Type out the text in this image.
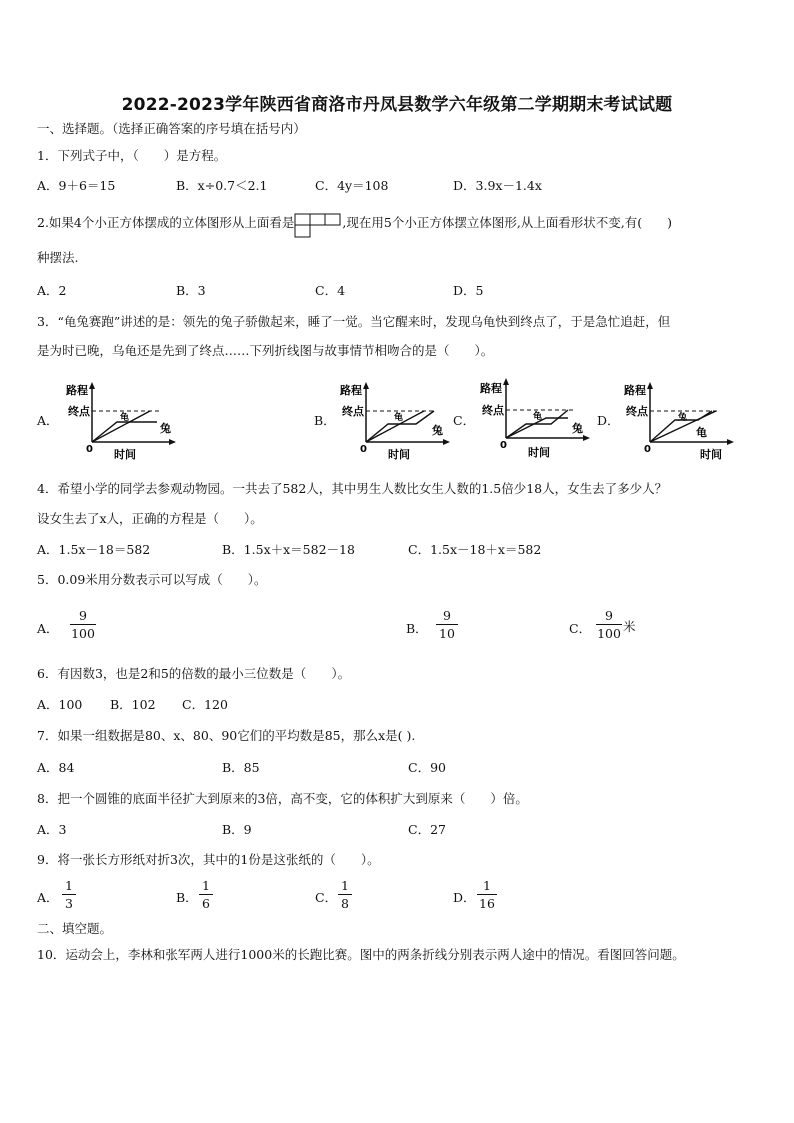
2022-2023学年陕西省商洛市丹凤县数学六年级第二学期期末考试试题
一、选择题。（选择正确答案的序号填在括号内）
1．下列式子中，（　　）是方程。
A．9＋6＝15	B．x÷0.7＜2.1	C．4y＝108	D．3.9x－1.4x
2.如果4个小正方体摆成的立体图形从上面看是	,现在用5个小正方体摆立体图形,从上面看形状不变,有(　　)
种摆法.
A．2	B．3	C．4	D．5
3．“龟兔赛跑”讲述的是：领先的兔子骄傲起来，睡了一觉。当它醒来时，发现乌龟快到终点了，于是急忙追赶，但
是为时已晚，乌龟还是先到了终点……下列折线图与故事情节相吻合的是（　　）。
A．	B．	C．	D．
路程
终点
0
龟
兔
时间
路程
终点
0
龟
兔
时间
路程
终点
0
龟
兔
时间
路程
终点
0
兔
龟
时间
4．希望小学的同学去参观动物园。一共去了582人，其中男生人数比女生人数的1.5倍少18人，女生去了多少人？
设女生去了x人，正确的方程是（　　）。
A．1.5x－18＝582	B．1.5x＋x＝582－18	C．1.5x－18＋x＝582
5．0.09米用分数表示可以写成（　　）。
A．
9
100	B．
9
10	C．
9
100 米
6．有因数3，也是2和5的倍数的最小三位数是（　　）。
A．100 B．102 C．120
7．如果一组数据是80、x、80、90它们的平均数是85，那么x是( ).
A．84	B．85	C．90
8．把一个圆锥的底面半径扩大到原来的3倍，高不变，它的体积扩大到原来（　　）倍。
A．3	B．9	C．27
9．将一张长方形纸对折3次，其中的1份是这张纸的（　　）。
A．
1
3	B．
1
6	C．
1
8	D．
1
16
二、填空题。
10．运动会上，李林和张军两人进行1000米的长跑比赛。图中的两条折线分别表示两人途中的情况。看图回答问题。
